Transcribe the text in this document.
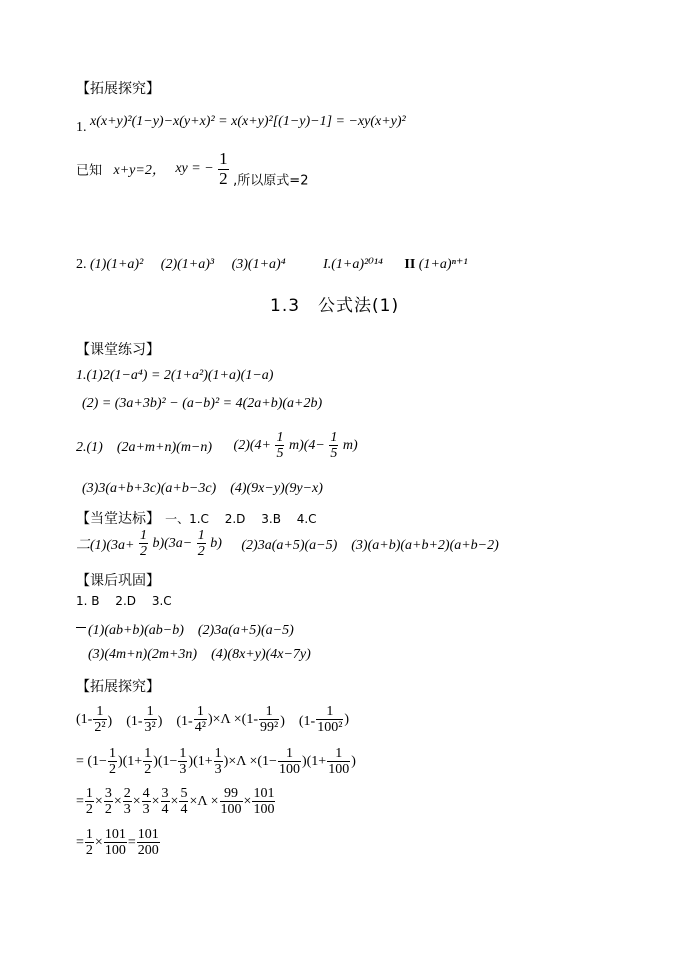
【拓展探究】
1. x(x+y)²(1−y)−x(y+x)² = x(x+y)²[(1−y)−1] = −xy(x+y)²
已知 x+y=2， xy = − $\frac{1}{2}$ ,所以原式=2
2. (1)(1+a)² (2)(1+a)³ (3)(1+a)⁴	I.(1+a)²⁰¹⁴ II (1+a)ⁿ⁺¹
1.3　公式法(1)
【课堂练习】
1.(1)2(1−a⁴) = 2(1+a²)(1+a)(1−a)
(2) = (3a+3b)² − (a−b)² = 4(2a+b)(a+2b)
2.(1)　(2a+m+n)(m−n) $(2)(4+ \frac{1}{5} m)(4- \frac{1}{5} m)$
(3)3(a+b+3c)(a+b−3c)　(4)(9x−y)(9y−x)
【当堂达标】 一、1.C　 2.D　 3.B　 4.C
二$(1)(3a+ \frac{1}{2} b)(3a- \frac{1}{2} b)$ (2)3a(a+5)(a−5)　(3)(a+b)(a+b+2)(a+b−2)
【课后巩固】
1. B　 2.D　 3.C
(1)(ab+b)(ab−b)　(2)3a(a+5)(a−5)
(3)(4m+n)(2m+3n)　(4)(8x+y)(4x−7y)
【拓展探究】
($1- \frac{1}{\text{2²}}$ )　($1- \frac{1}{\text{3²}}$ )　$(1- \frac{1}{\text{4²}} )\times\Lambda \times(1- \frac{1}{\text{99²}}$ )　($1- \frac{1}{\text{100²}}$ )
= $(1- \frac{1}{2} )(1+ \frac{1}{2} )(1- \frac{1}{3} )(1+ \frac{1}{3} )\times\Lambda \times(1- \frac{1}{100} )(1+ \frac{1}{100}$ )
= $\frac{1}{2} \times \frac{3}{2} \times \frac{2}{3} \times \frac{4}{3} \times \frac{3}{4} \times \frac{5}{4} \times\Lambda \times \frac{99}{100} \times \frac{101}{100}$
= $\frac{1}{2} \times \frac{101}{100} = \frac{101}{200}$
